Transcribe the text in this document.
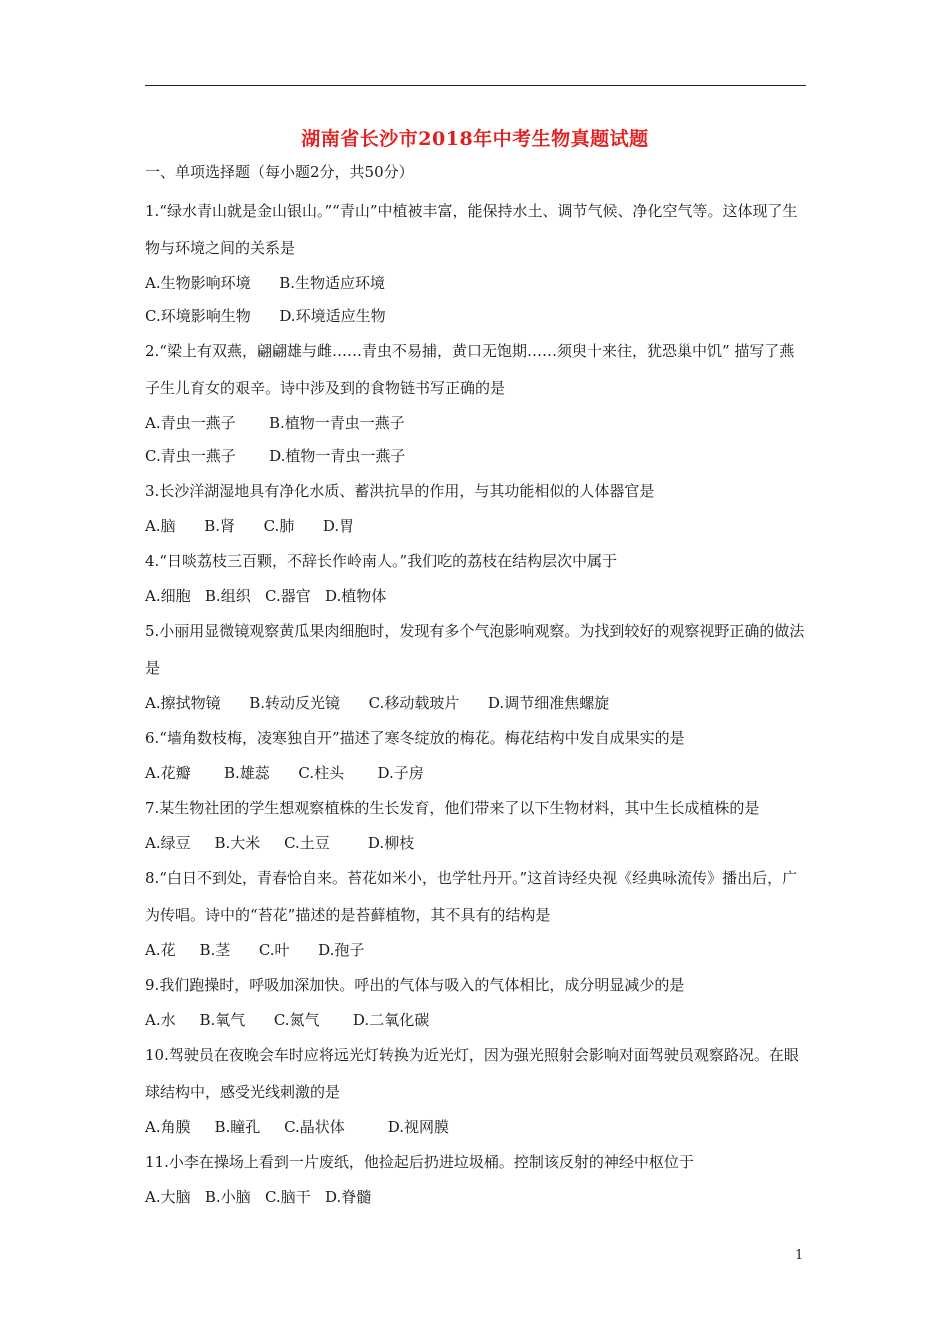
湖南省长沙市2018年中考生物真题试题

一、单项选择题（每小题2分，共50分）

1.“绿水青山就是金山银山。”“青山”中植被丰富，能保持水土、调节气候、净化空气等。这体现了生物与环境之间的关系是

A.生物影响环境      B.生物适应环境

C.环境影响生物      D.环境适应生物

2.“梁上有双燕，翩翩雄与雌……青虫不易捕，黄口无饱期……须臾十来往，犹恐巢中饥” 描写了燕子生儿育女的艰辛。诗中涉及到的食物链书写正确的是

A.青虫一燕子       B.植物一青虫一燕子

C.青虫一燕子       D.植物一青虫一燕子

3.长沙洋湖湿地具有净化水质、蓄洪抗旱的作用，与其功能相似的人体器官是

A.脑      B.肾      C.肺      D.胃

4.“日啖荔枝三百颗，不辞长作岭南人。”我们吃的荔枝在结构层次中属于

A.细胞   B.组织   C.器官   D.植物体

5.小丽用显微镜观察黄瓜果肉细胞时，发现有多个气泡影响观察。为找到较好的观察视野正确的做法是

A.擦拭物镜      B.转动反光镜      C.移动载玻片      D.调节细准焦螺旋

6.“墙角数枝梅，凌寒独自开”描述了寒冬绽放的梅花。梅花结构中发自成果实的是

A.花瓣       B.雄蕊      C.柱头       D.子房

7.某生物社团的学生想观察植株的生长发育，他们带来了以下生物材料，其中生长成植株的是

A.绿豆     B.大米     C.土豆        D.柳枝

8.“白日不到处，青春恰自来。苔花如米小，也学牡丹开。”这首诗经央视《经典咏流传》播出后，广为传唱。诗中的“苔花”描述的是苔藓植物，其不具有的结构是

A.花     B.茎      C.叶      D.孢子

9.我们跑操时，呼吸加深加快。呼出的气体与吸入的气体相比，成分明显减少的是

A.水     B.氧气      C.氮气       D.二氧化碳

10.驾驶员在夜晚会车时应将远光灯转换为近光灯，因为强光照射会影响对面驾驶员观察路况。在眼球结构中，感受光线刺激的是

A.角膜     B.瞳孔     C.晶状体         D.视网膜

11.小李在操场上看到一片废纸，他捡起后扔进垃圾桶。控制该反射的神经中枢位于

A.大脑   B.小脑   C.脑干   D.脊髓

1
